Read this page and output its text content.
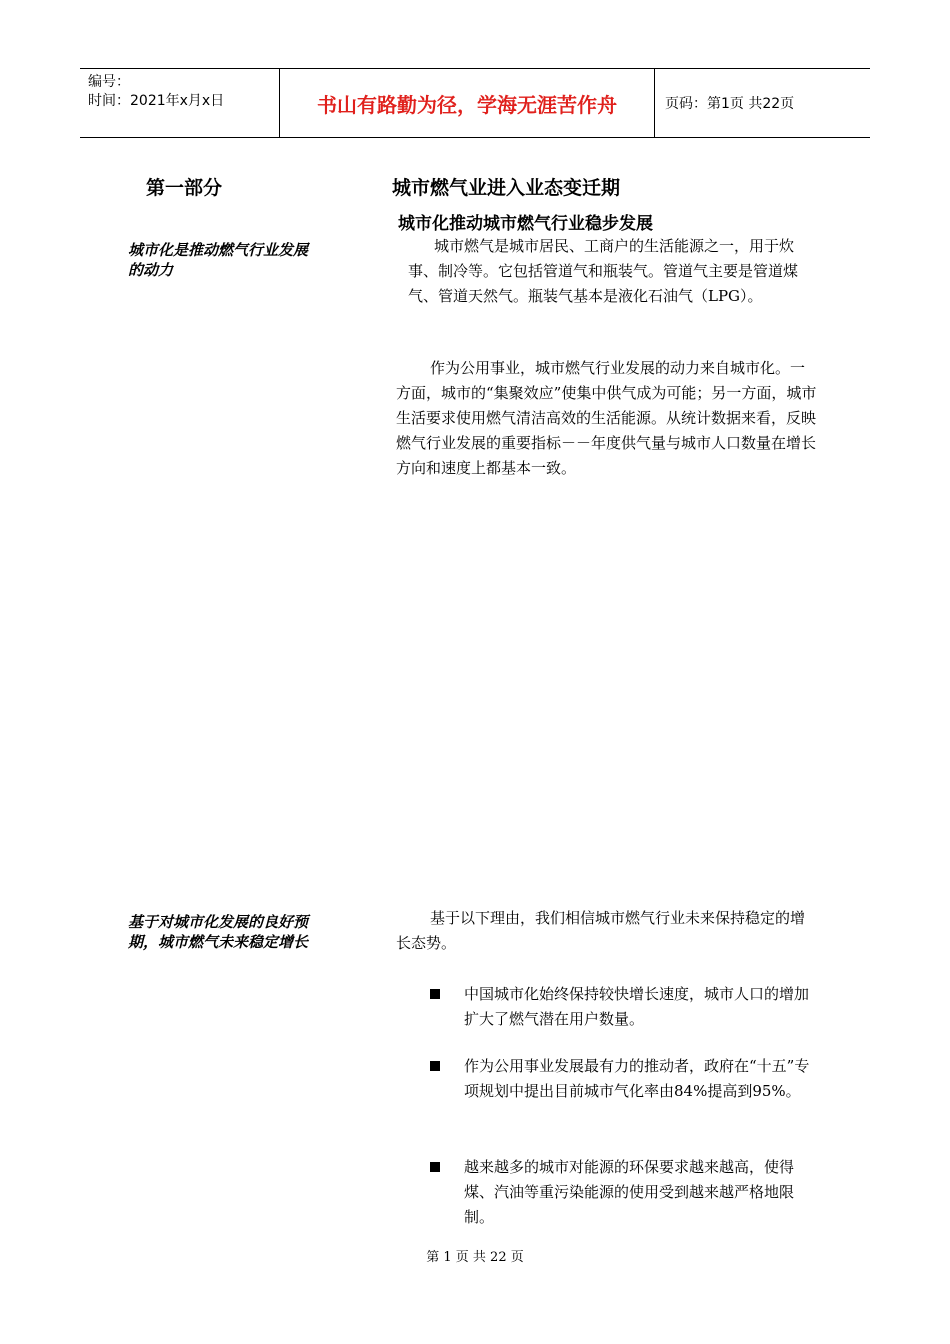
编号：
时间：2021年x月x日	书山有路勤为径，学海无涯苦作舟	页码：第1页 共22页
第一部分	城市燃气业进入业态变迁期
城市化推动城市燃气行业稳步发展
城市化是推动燃气行业发展的动力
基于对城市化发展的良好预期，城市燃气未来稳定增长
城市燃气是城市居民、工商户的生活能源之一，用于炊事、制冷等。它包括管道气和瓶装气。管道气主要是管道煤气、管道天然气。瓶装气基本是液化石油气（LPG）。
作为公用事业，城市燃气行业发展的动力来自城市化。一方面，城市的“集聚效应”使集中供气成为可能；另一方面，城市生活要求使用燃气清洁高效的生活能源。从统计数据来看，反映燃气行业发展的重要指标－－年度供气量与城市人口数量在增长方向和速度上都基本一致。
基于以下理由，我们相信城市燃气行业未来保持稳定的增长态势。
中国城市化始终保持较快增长速度，城市人口的增加扩大了燃气潜在用户数量。
作为公用事业发展最有力的推动者，政府在“十五”专项规划中提出目前城市气化率由84%提高到95%。
越来越多的城市对能源的环保要求越来越高，使得煤、汽油等重污染能源的使用受到越来越严格地限制。
第 1 页 共 22 页
